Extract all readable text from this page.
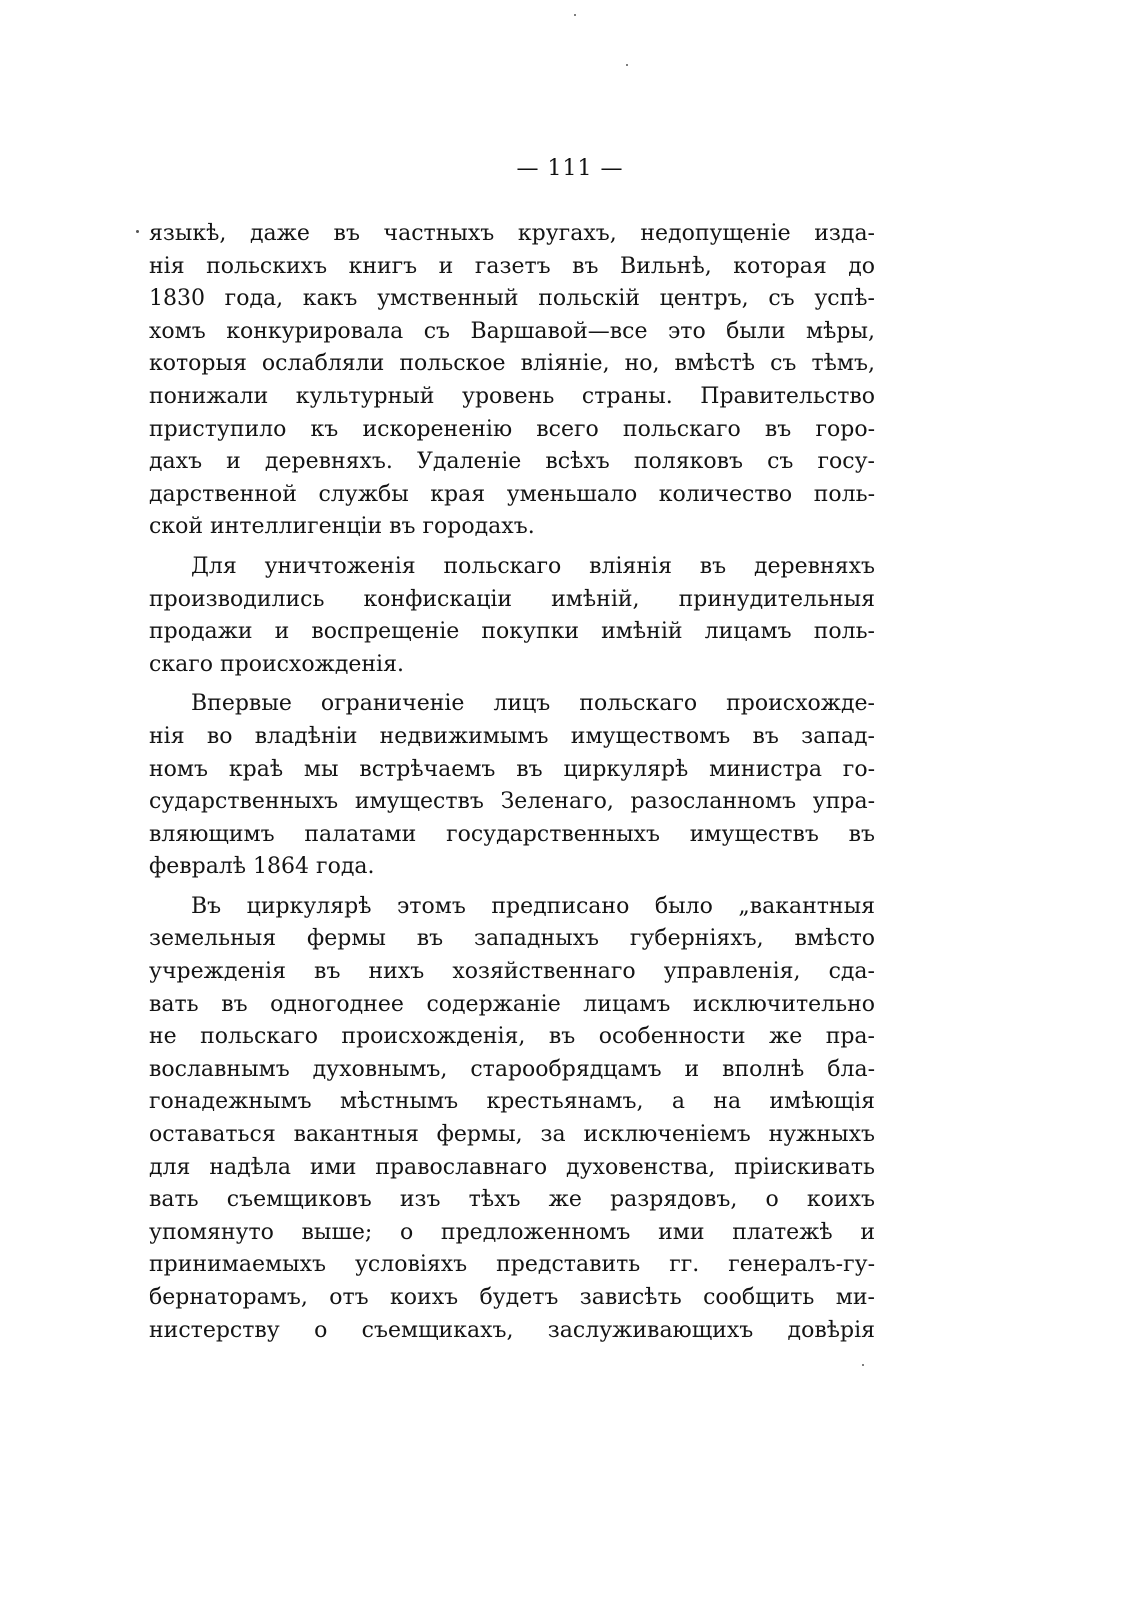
— 111 —
языкѣ, даже въ частныхъ кругахъ, недопущеніе изда-
нія польскихъ книгъ и газетъ въ Вильнѣ, которая до
1830 года, какъ умственный польскій центръ, съ успѣ-
хомъ конкурировала съ Варшавой—все это были мѣры,
которыя ослабляли польское вліяніе, но, вмѣстѣ съ тѣмъ,
понижали культурный уровень страны. Правительство
приступило къ искорененію всего польскаго въ горо-
дахъ и деревняхъ. Удаленіе всѣхъ поляковъ съ госу-
дарственной службы края уменьшало количество поль-
ской интеллигенціи въ городахъ.
Для уничтоженія польскаго вліянія въ деревняхъ
производились конфискаціи имѣній, принудительныя
продажи и воспрещеніе покупки имѣній лицамъ поль-
скаго происхожденія.
Впервые ограниченіе лицъ польскаго происхожде-
нія во владѣніи недвижимымъ имуществомъ въ запад-
номъ краѣ мы встрѣчаемъ въ циркулярѣ министра го-
сударственныхъ имуществъ Зеленаго, разосланномъ упра-
вляющимъ палатами государственныхъ имуществъ въ
февралѣ 1864 года.
Въ циркулярѣ этомъ предписано было „вакантныя
земельныя фермы въ западныхъ губерніяхъ, вмѣсто
учрежденія въ нихъ хозяйственнаго управленія, сда-
вать въ одногоднее содержаніе лицамъ исключительно
не польскаго происхожденія, въ особенности же пра-
вославнымъ духовнымъ, старообрядцамъ и вполнѣ бла-
гонадежнымъ мѣстнымъ крестьянамъ, а на имѣющія
оставаться вакантныя фермы, за исключеніемъ нужныхъ
для надѣла ими православнаго духовенства, пріискивать
вать съемщиковъ изъ тѣхъ же разрядовъ, о коихъ
упомянуто выше; о предложенномъ ими платежѣ и
принимаемыхъ условіяхъ представить гг. генералъ-гу-
бернаторамъ, отъ коихъ будетъ зависѣть сообщить ми-
нистерству о съемщикахъ, заслуживающихъ довѣрія
